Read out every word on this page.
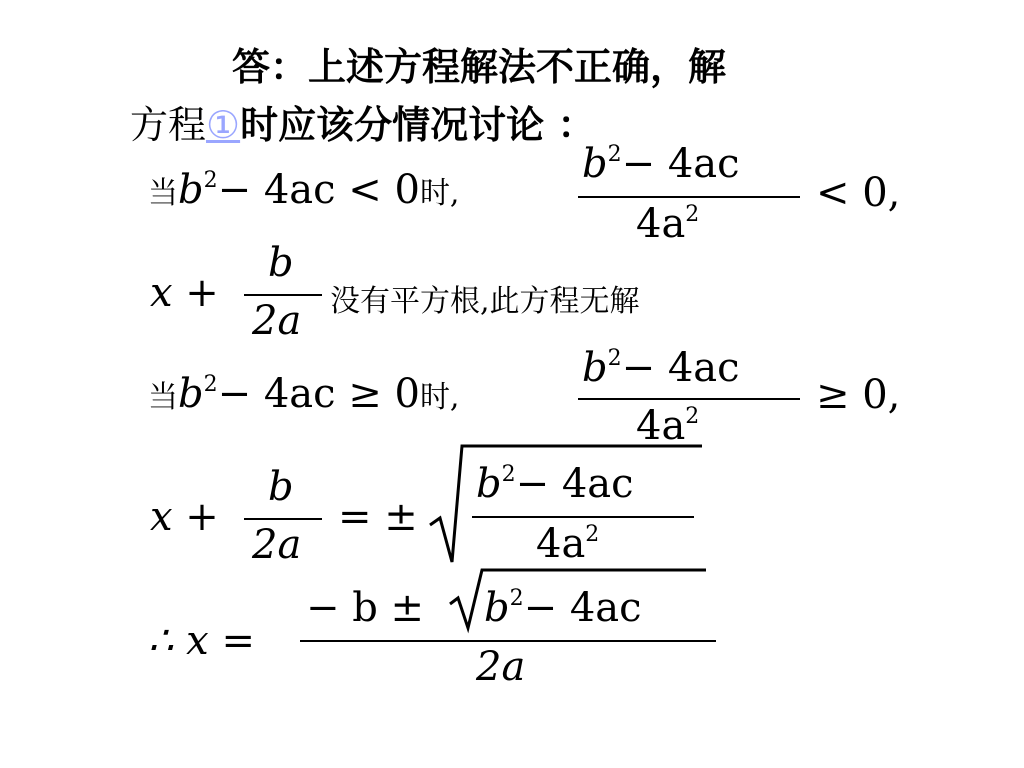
答：上述方程解法不正确，解
方程①时应该分情况讨论 ：
当$b^2- 4ac < 0$时,
$b^2- 4ac$
$4a^2$	< 0,
x +
b
2a 没有平方根,此方程无解
当$b^2- 4ac \ge 0$时,
$b^2- 4ac$
$4a^2$	≥ 0,
x +
b
2a
= ±
$b^2- 4ac$
$4a^2$
∴ x =
− $b \pm b^2- 4ac$
2a
